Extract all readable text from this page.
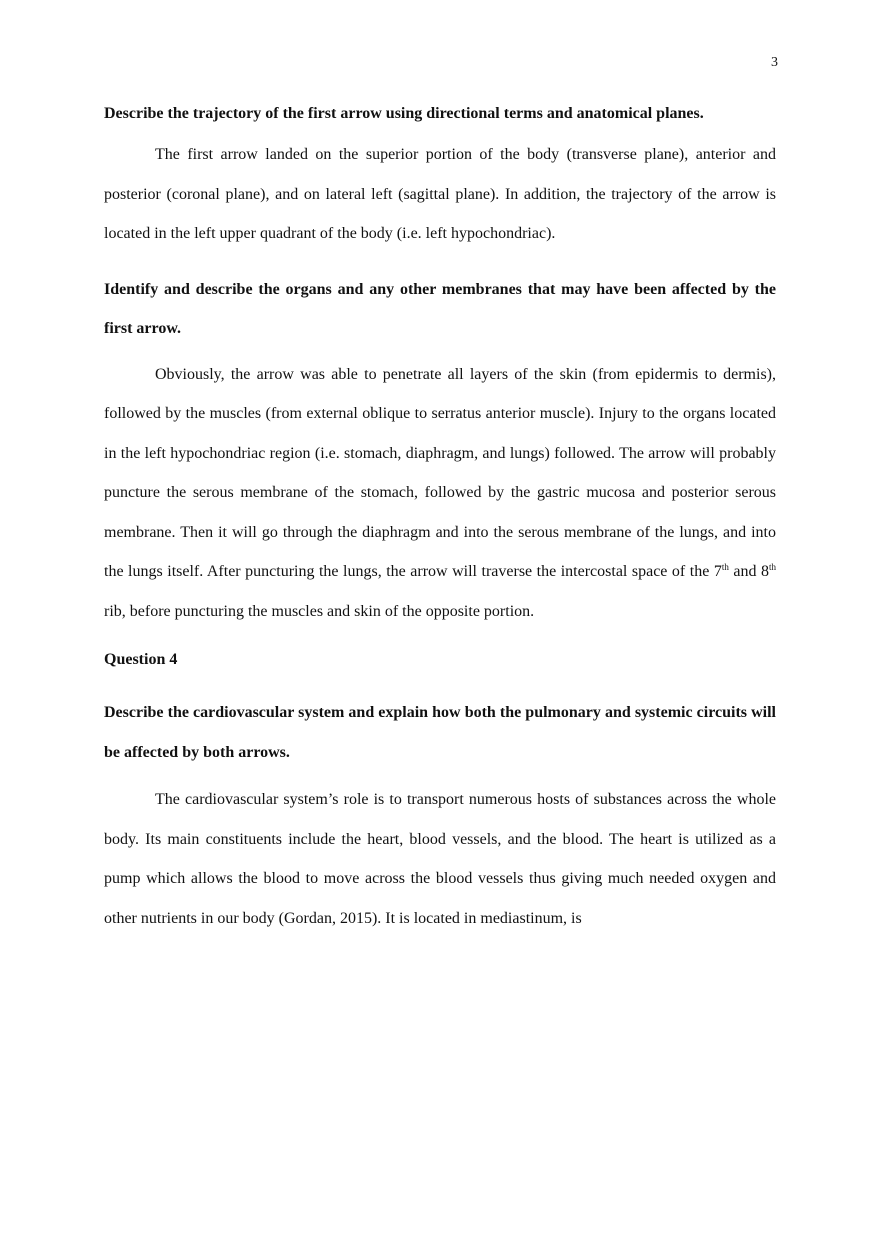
3

Describe the trajectory of the first arrow using directional terms and anatomical planes.

The first arrow landed on the superior portion of the body (transverse plane), anterior and posterior (coronal plane), and on lateral left (sagittal plane). In addition, the trajectory of the arrow is located in the left upper quadrant of the body (i.e. left hypochondriac).

Identify and describe the organs and any other membranes that may have been affected by the first arrow.

Obviously, the arrow was able to penetrate all layers of the skin (from epidermis to dermis), followed by the muscles (from external oblique to serratus anterior muscle). Injury to the organs located in the left hypochondriac region (i.e. stomach, diaphragm, and lungs) followed. The arrow will probably puncture the serous membrane of the stomach, followed by the gastric mucosa and posterior serous membrane. Then it will go through the diaphragm and into the serous membrane of the lungs, and into the lungs itself. After puncturing the lungs, the arrow will traverse the intercostal space of the 7th and 8th rib, before puncturing the muscles and skin of the opposite portion.

Question 4

Describe the cardiovascular system and explain how both the pulmonary and systemic circuits will be affected by both arrows.

The cardiovascular system’s role is to transport numerous hosts of substances across the whole body. Its main constituents include the heart, blood vessels, and the blood. The heart is utilized as a pump which allows the blood to move across the blood vessels thus giving much needed oxygen and other nutrients in our body (Gordan, 2015). It is located in mediastinum, is
